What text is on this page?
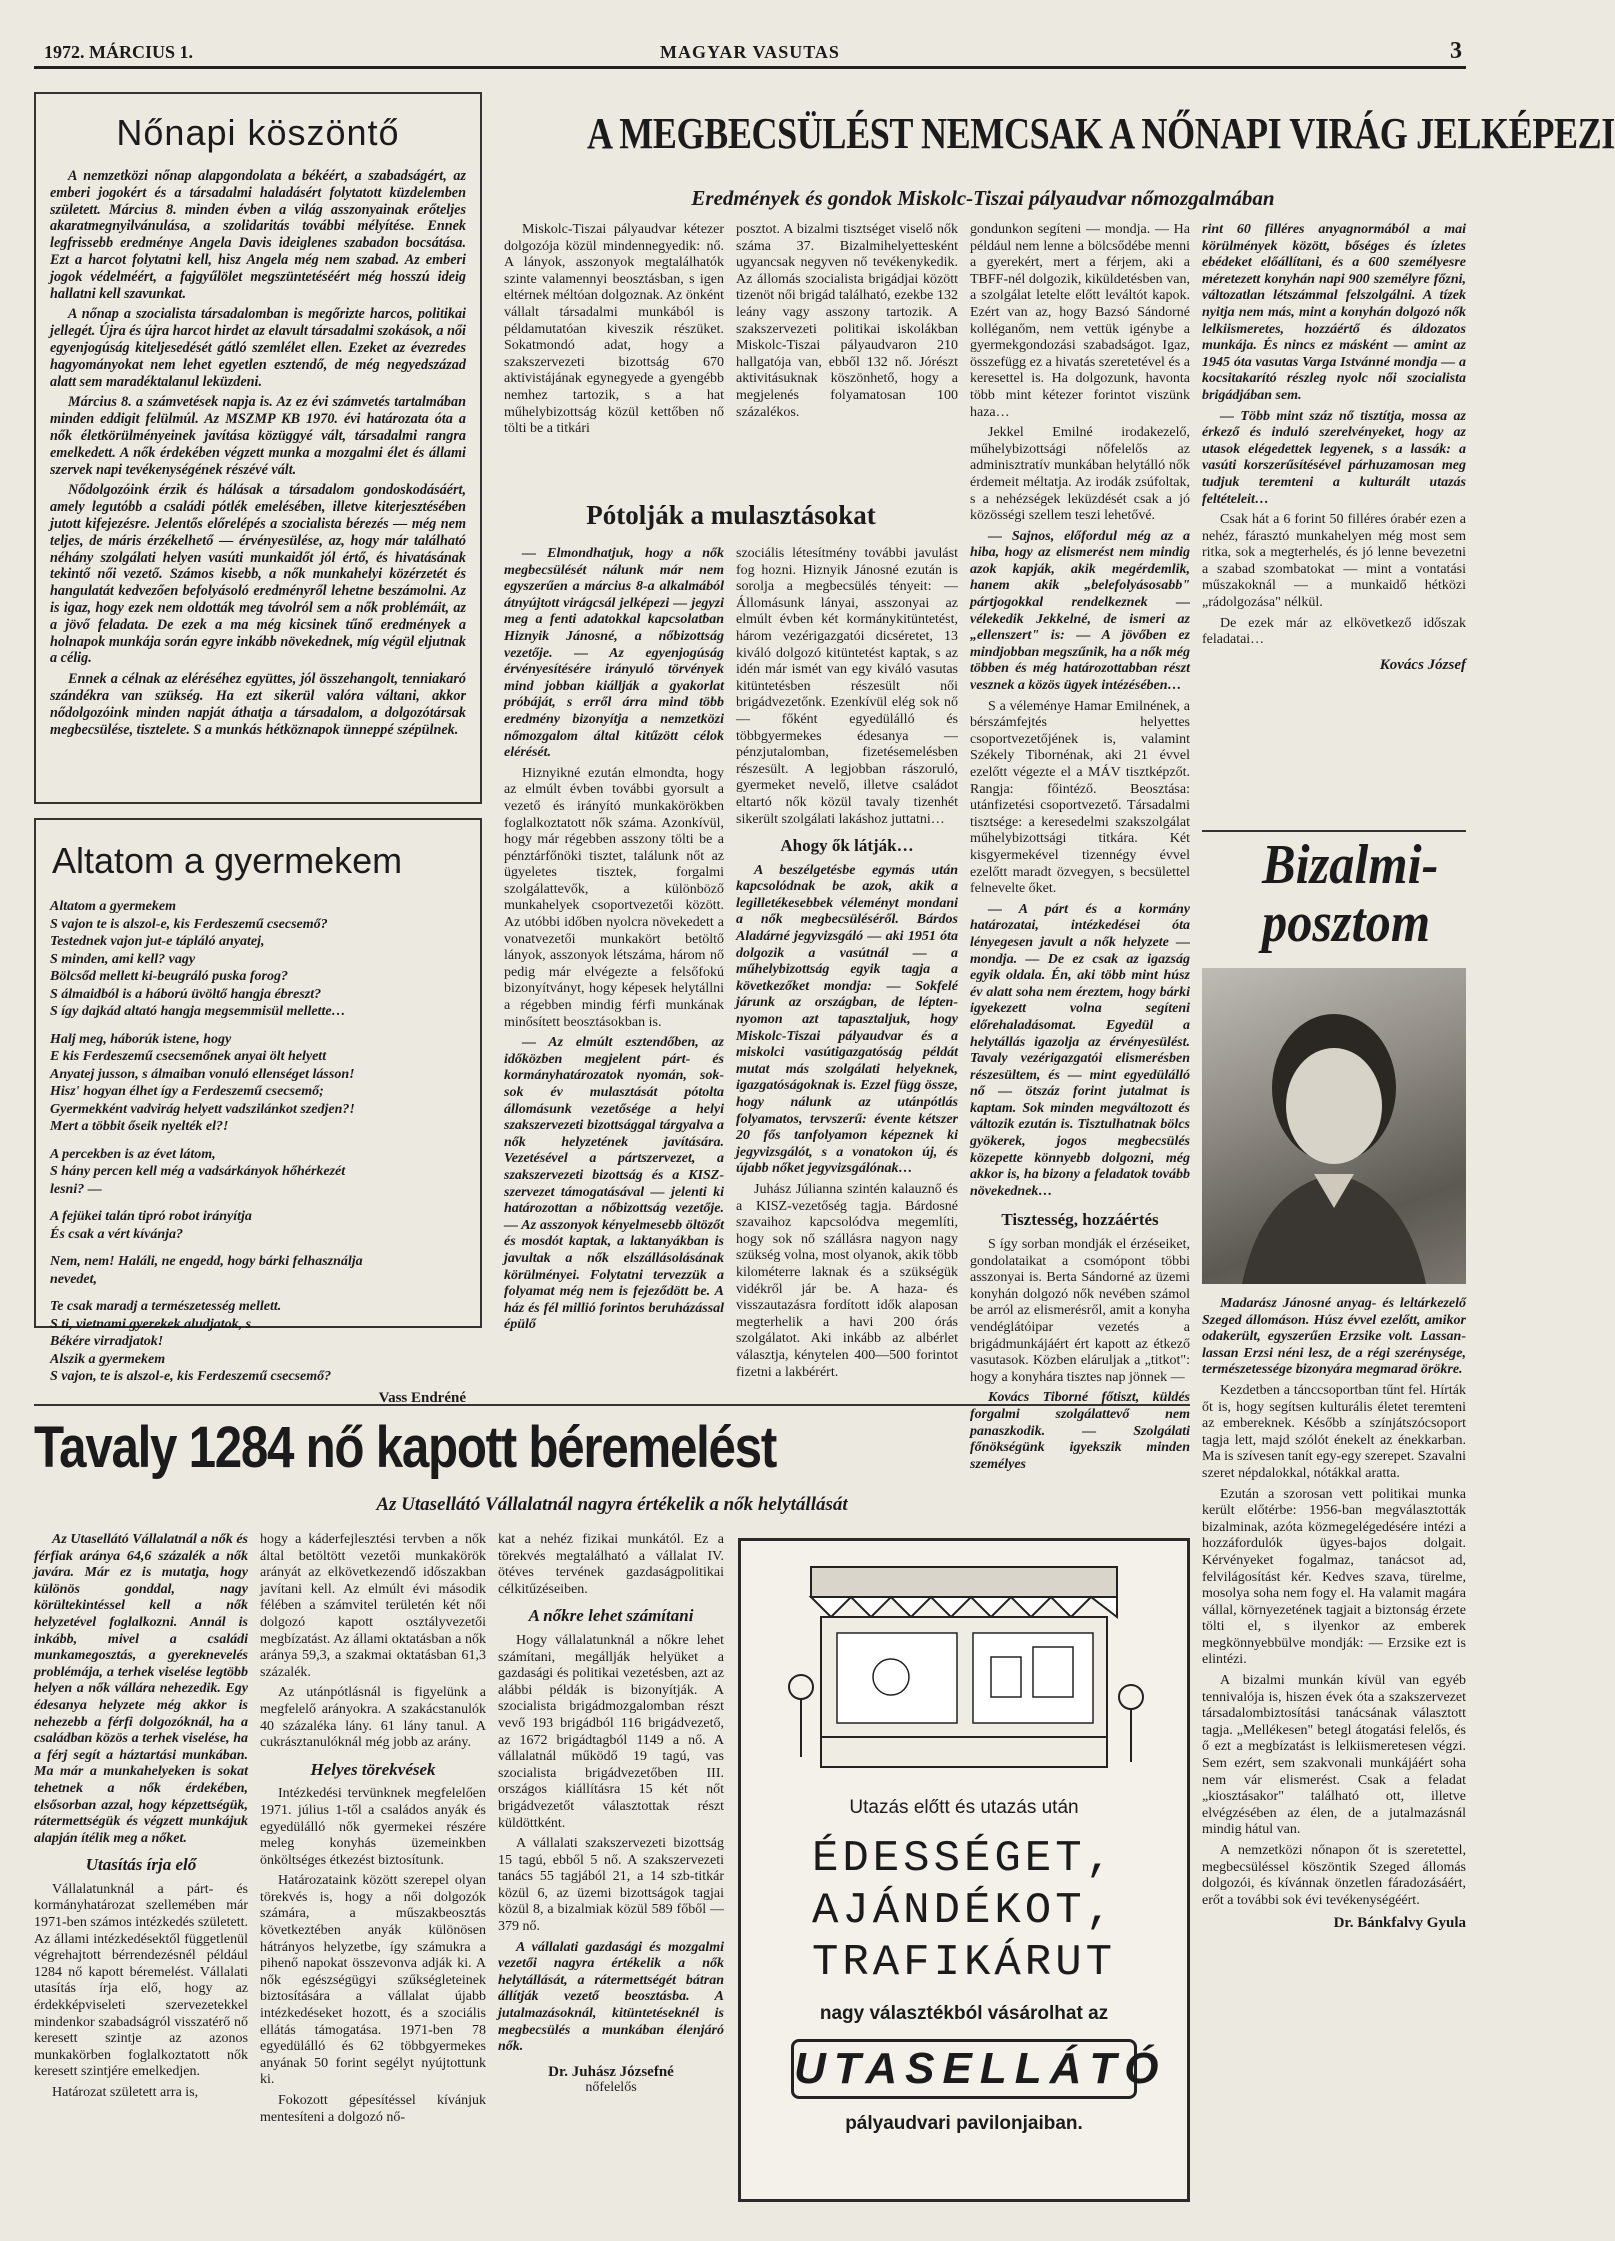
1972. MÁRCIUS 1.	MAGYAR VASUTAS	3
Nőnapi köszöntő

A nemzetközi nőnap alapgondolata a békéért, a szabadságért, az emberi jogokért és a társadalmi haladásért folytatott küzdelemben született. Március 8. minden évben a világ asszonyainak erőteljes akaratmegnyilvánulása, a szolidaritás további mélyítése. Ennek legfrissebb eredménye Angela Davis ideiglenes szabadon bocsátása. Ezt a harcot folytatni kell, hisz Angela még nem szabad. Az emberi jogok védelméért, a fajgyűlölet megszüntetéséért még hosszú ideig hallatni kell szavunkat.

A nőnap a szocialista társadalomban is megőrizte harcos, politikai jellegét. Újra és újra harcot hirdet az elavult társadalmi szokások, a női egyenjogúság kiteljesedését gátló szemlélet ellen. Ezeket az évezredes hagyományokat nem lehet egyetlen esztendő, de még negyedszázad alatt sem maradéktalanul leküzdeni.

Március 8. a számvetések napja is. Az ez évi számvetés tartalmában minden eddigit felülmúl. Az MSZMP KB 1970. évi határozata óta a nők életkörülményeinek javítása közüggyé vált, társadalmi rangra emelkedett. A nők érdekében végzett munka a mozgalmi élet és állami szervek napi tevékenységének részévé vált.

Nődolgozóink érzik és hálásak a társadalom gondoskodásáért, amely legutóbb a családi pótlék emelésében, illetve kiterjesztésében jutott kifejezésre. Jelentős előrelépés a szocialista bérezés — még nem teljes, de máris érzékelhető — érvényesülése, az, hogy már található néhány szolgálati helyen vasúti munkaidőt jól értő, és hivatásának tekintő női vezető. Számos kisebb, a nők munkahelyi közérzetét és hangulatát kedvezően befolyásoló eredményről lehetne beszámolni. Az is igaz, hogy ezek nem oldották meg távolról sem a nők problémáit, az a jövő feladata. De ezek a ma még kicsinek tűnő eredmények a holnapok munkája során egyre inkább növekednek, míg végül eljutnak a célig.

Ennek a célnak az eléréséhez együttes, jól összehangolt, tenniakaró szándékra van szükség. Ha ezt sikerül valóra váltani, akkor nődolgozóink minden napját áthatja a társadalom, a dolgozótársak megbecsülése, tisztelete. S a munkás hétköznapok ünneppé szépülnek.

Altatom a gyermekem

Altatom a gyermekem
S vajon te is alszol-e, kis Ferdeszemű csecsemő?
Testednek vajon jut-e tápláló anyatej,
S minden, ami kell? vagy
Bölcsőd mellett ki-beugráló puska forog?
S álmaidból is a háború üvöltő hangja ébreszt?
S így dajkád altató hangja megsemmisül mellette…

Halj meg, háborúk istene, hogy
E kis Ferdeszemű csecsemőnek anyai ölt helyett
Anyatej jusson, s álmaiban vonuló ellenséget lásson!
Hisz' hogyan élhet így a Ferdeszemű csecsemő;
Gyermekként vadvirág helyett vadszilánkot szedjen?!
Mert a többit őseik nyelték el?!

A percekben is az évet látom,
S hány percen kell még a vadsárkányok hőhérkezét
lesni? —

A fejükei talán tipró robot irányítja
És csak a vért kívánja?

Nem, nem! Haláli, ne engedd, hogy bárki felhasználja
nevedet,

Te csak maradj a természetesség mellett.
S ti, vietnami gyerekek aludjatok, s
Békére virradjatok!
Alszik a gyermekem
S vajon, te is alszol-e, kis Ferdeszemű csecsemő?

Vass Endréné
A MEGBECSÜLÉST NEMCSAK A NŐNAPI VIRÁG JELKÉPEZI
Eredmények és gondok Miskolc-Tiszai pályaudvar nőmozgalmában

Miskolc-Tiszai pályaudvar kétezer dolgozója közül mindennegyedik: nő. A lányok, asszonyok megtalálhatók szinte valamennyi beosztásban, s igen eltérnek méltóan dolgoznak. Az önként vállalt társadalmi munkából is példamutatóan kiveszik részüket. Sokatmondó adat, hogy a szakszervezeti bizottság 670 aktivistájának egynegyede a gyengébb nemhez tartozik, s a hat műhelybizottság közül kettőben nő tölti be a titkári

posztot. A bizalmi tisztséget viselő nők száma 37. Bizalmihelyettesként ugyancsak negyven nő tevékenykedik. Az állomás szocialista brigádjai között tizenöt női brigád található, ezekbe 132 leány vagy asszony tartozik. A szakszervezeti politikai iskolákban Miskolc-Tiszai pályaudvaron 210 hallgatója van, ebből 132 nő. Jórészt aktivitásuknak köszönhető, hogy a megjelenés folyamatosan 100 százalékos.

Pótolják a mulasztásokat

— Elmondhatjuk, hogy a nők megbecsülését nálunk már nem egyszerűen a március 8-a alkalmából átnyújtott virágcsál jelképezi — jegyzi meg a fenti adatokkal kapcsolatban Hiznyik Jánosné, a nőbizottság vezetője. — Az egyenjogúság érvényesítésére irányuló törvények mind jobban kiállják a gyakorlat próbáját, s erről árra mind több eredmény bizonyítja a nemzetközi nőmozgalom által kitűzött célok elérését.

Hiznyikné ezután elmondta, hogy az elmúlt évben további gyorsult a vezető és irányító munkakörökben foglalkoztatott nők száma. Azonkívül, hogy már régebben asszony tölti be a pénztárfőnöki tisztet, találunk nőt az ügyeletes tisztek, forgalmi szolgálattevők, a különböző munkahelyek csoportvezetői között. Az utóbbi időben nyolcra növekedett a vonatvezetői munkakört betöltő lányok, asszonyok létszáma, három nő pedig már elvégezte a felsőfokú bizonyítványt, hogy képesek helytállni a régebben mindig férfi munkának minősített beosztásokban is.

— Az elmúlt esztendőben, az időközben megjelent párt- és kormányhatározatok nyomán, sok-sok év mulasztását pótolta állomásunk vezetősége a helyi szakszervezeti bizottsággal tárgyalva a nők helyzetének javítására. Vezetésével a pártszervezet, a szakszervezeti bizottság és a KISZ-szervezet támogatásával — jelenti ki határozottan a nőbizottság vezetője. — Az asszonyok kényelmesebb öltözőt és mosdót kaptak, a laktanyákban is javultak a nők elszállásolásának körülményei. Folytatni tervezzük a folyamat még nem is fejeződött be. A ház és fél millió forintos beruházással épülő

szociális létesítmény további javulást fog hozni. Hiznyik Jánosné ezután is sorolja a megbecsülés tényeit: — Állomásunk lányai, asszonyai az elmúlt évben két kormánykitüntetést, három vezérigazgatói dicséretet, 13 kiváló dolgozó kitüntetést kaptak, s az idén már ismét van egy kiváló vasutas kitüntetésben részesült női brigádvezetőnk. Ezenkívül elég sok nő — főként egyedülálló és többgyermekes édesanya — pénzjutalomban, fizetésemelésben részesült. A legjobban rászoruló, gyermeket nevelő, illetve családot eltartó nők közül tavaly tizenhét sikerült szolgálati lakáshoz juttatni…

Ahogy ők látják…

A beszélgetésbe egymás után kapcsolódnak be azok, akik a legilletékesebbek véleményt mondani a nők megbecsüléséről. Bárdos Aladárné jegyvizsgáló — aki 1951 óta dolgozik a vasútnál — a műhelybizottság egyik tagja a következőket mondja: — Sokfelé járunk az országban, de lépten-nyomon azt tapasztaljuk, hogy Miskolc-Tiszai pályaudvar és a miskolci vasútigazgatóság példát mutat más szolgálati helyeknek, igazgatóságoknak is. Ezzel függ össze, hogy nálunk az utánpótlás folyamatos, tervszerű: évente kétszer 20 fős tanfolyamon képeznek ki jegyvizsgálót, s a vonatokon új, és újabb nőket jegyvizsgálónak…

Juhász Júlianna szintén kalauznő és a KISZ-vezetőség tagja. Bárdosné szavaihoz kapcsolódva megemlíti, hogy sok nő szállásra nagyon nagy szükség volna, most olyanok, akik több kilométerre laknak és a szükségük vidékről jár be. A haza- és visszautazásra fordított idők alaposan megterhelik a havi 200 órás szolgálatot. Aki inkább az albérlet választja, kénytelen 400—500 forintot fizetni a lakbérért.

gondunkon segíteni — mondja. — Ha például nem lenne a bölcsődébe menni a gyerekért, mert a férjem, aki a TBFF-nél dolgozik, kiküldetésben van, a szolgálat letelte előtt leváltót kapok. Ezért van az, hogy Bazsó Sándorné kolléganőm, nem vettük igénybe a gyermekgondozási szabadságot. Igaz, összefügg ez a hivatás szeretetével és a keresettel is. Ha dolgozunk, havonta több mint kétezer forintot viszünk haza…

Jekkel Emilné irodakezelő, műhelybizottsági nőfelelős az adminisztratív munkában helytálló nők érdemeit méltatja. Az irodák zsúfoltak, s a nehézségek leküzdését csak a jó közösségi szellem teszi lehetővé.

— Sajnos, előfordul még az a hiba, hogy az elismerést nem mindig azok kapják, akik megérdemlik, hanem akik „belefolyásosabb" pártjogokkal rendelkeznek — vélekedik Jekkelné, de ismeri az „ellenszert" is: — A jövőben ez mindjobban megszűnik, ha a nők még többen és még határozottabban részt vesznek a közös ügyek intézésében…

S a véleménye Hamar Emilnének, a bérszámfejtés helyettes csoportvezetőjének is, valamint Székely Tibornénak, aki 21 évvel ezelőtt végezte el a MÁV tisztképzőt. Rangja: főintéző. Beosztása: utánfizetési csoportvezető. Társadalmi tisztsége: a keresedelmi szakszolgálat műhelybizottsági titkára. Két kisgyermekével tizennégy évvel ezelőtt maradt özvegyen, s becsülettel felnevelte őket.

— A párt és a kormány határozatai, intézkedései óta lényegesen javult a nők helyzete — mondja. — De ez csak az igazság egyik oldala. Én, aki több mint húsz év alatt soha nem éreztem, hogy bárki igyekezett volna segíteni előrehaladásomat. Egyedül a helytállás igazolja az érvényesülést. Tavaly vezérigazgatói elismerésben részesültem, és — mint egyedülálló nő — ötszáz forint jutalmat is kaptam. Sok minden megváltozott és változik ezután is. Tisztulhatnak bölcs gyökerek, jogos megbecsülés közepette könnyebb dolgozni, még akkor is, ha bizony a feladatok tovább növekednek…

Tisztesség, hozzáértés

S így sorban mondják el érzéseiket, gondolataikat a csomópont többi asszonyai is. Berta Sándorné az üzemi konyhán dolgozó nők nevében számol be arról az elismerésről, amit a konyha vendéglátóipar vezetés a brigádmunkájáért ért kapott az étkező vasutasok. Közben eláruljak a „titkot": hogy a konyhára tisztes nap jönnek —

Kovács Tiborné főtiszt, küldés forgalmi szolgálattevő nem panaszkodik. — Szolgálati főnökségünk igyekszik minden személyes

rint 60 filléres anyagnormából a mai körülmények között, bőséges és ízletes ebédeket előállítani, és a 600 személyesre méretezett konyhán napi 900 személyre főzni, változatlan létszámmal felszolgálni. A tízek nyitja nem más, mint a konyhán dolgozó nők lelkiismeretes, hozzáértő és áldozatos munkája. És nincs ez másként — amint az 1945 óta vasutas Varga Istvánné mondja — a kocsitakarító részleg nyolc női szocialista brigádjában sem.

— Több mint száz nő tisztítja, mossa az érkező és induló szerelvényeket, hogy az utasok elégedettek legyenek, s a lassák: a vasúti korszerűsítésével párhuzamosan meg tudjuk teremteni a kulturált utazás feltételeit…

Csak hát a 6 forint 50 filléres órabér ezen a nehéz, fárasztó munkahelyen még most sem ritka, sok a megterhelés, és jó lenne bevezetni a szabad szombatokat — mint a vontatási műszakoknál — a munkaidő hétközi „rádolgozása" nélkül.

De ezek már az elkövetkező időszak feladatai…

Kovács József
Bizalmi-posztom

Madarász Jánosné anyag- és leltárkezelő Szeged állomáson. Húsz évvel ezelőtt, amikor odakerült, egyszerűen Erzsike volt. Lassan-lassan Erzsi néni lesz, de a régi szerénysége, természetessége bizonyára megmarad örökre.

Kezdetben a tánccsoportban tűnt fel. Hírták őt is, hogy segítsen kulturális életet teremteni az embereknek. Később a színjátszócsoport tagja lett, majd szólót énekelt az énekkarban. Ma is szívesen tanít egy-egy szerepet. Szavalni szeret népdalokkal, nótákkal aratta.

Ezután a szorosan vett politikai munka került előtérbe: 1956-ban megválasztották bizalminak, azóta közmegelégedésére intézi a hozzáfordulók ügyes-bajos dolgait. Kérvényeket fogalmaz, tanácsot ad, felvilágosítást kér. Kedves szava, türelme, mosolya soha nem fogy el. Ha valamit magára vállal, környezetének tagjait a biztonság érzete tölti el, s ilyenkor az emberek megkönnyebbülve mondják: — Erzsike ezt is elintézi.

A bizalmi munkán kívül van egyéb tennivalója is, hiszen évek óta a szakszervezet társadalombiztosítási tanácsának választott tagja. „Mellékesen" betegl átogatási felelős, és ő ezt a megbízatást is lelkiismeretesen végzi. Sem ezért, sem szakvonali munkájáért soha nem vár elismerést. Csak a feladat „kiosztásakor" található ott, illetve elvégzésében az élen, de a jutalmazásnál mindig hátul van.

A nemzetközi nőnapon őt is szeretettel, megbecsüléssel köszöntik Szeged állomás dolgozói, és kívánnak önzetlen fáradozásáért, erőt a további sok évi tevékenységéért.

Dr. Bánkfalvy Gyula
Tavaly 1284 nő kapott béremelést
Az Utasellátó Vállalatnál nagyra értékelik a nők helytállását

Az Utasellátó Vállalatnál a nők és férfiak aránya 64,6 százalék a nők javára. Már ez is mutatja, hogy különös gonddal, nagy körültekintéssel kell a nők helyzetével foglalkozni. Annál is inkább, mivel a családi munkamegosztás, a gyereknevelés problémája, a terhek viselése legtöbb helyen a nők vállára nehezedik. Egy édesanya helyzete még akkor is nehezebb a férfi dolgozóknál, ha a családban közös a terhek viselése, ha a férj segít a háztartási munkában. Ma már a munkahelyeken is sokat tehetnek a nők érdekében, elsősorban azzal, hogy képzettségük, rátermettségük és végzett munkájuk alapján ítélik meg a nőket.

Utasítás írja elő

Vállalatunknál a párt- és kormányhatározat szellemében már 1971-ben számos intézkedés született. Az állami intézkedésektől függetlenül végrehajtott bérrendezésnél például 1284 nő kapott béremelést. Vállalati utasítás írja elő, hogy az érdekképviseleti szervezetekkel mindenkor szabadságról visszatérő nő keresett szintje az azonos munkakörben foglalkoztatott nők keresett szintjére emelkedjen.

Határozat született arra is,

hogy a káderfejlesztési tervben a nők által betöltött vezetői munkakörök arányát az elkövetkezendő időszakban javítani kell. Az elmúlt évi második félében a számvitel területén két női dolgozó kapott osztályvezetői megbízatást. Az állami oktatásban a nők aránya 59,3, a szakmai oktatásban 61,3 százalék.

Az utánpótlásnál is figyelünk a megfelelő arányokra. A szakácstanulók 40 százaléka lány. 61 lány tanul. A cukrásztanulóknál még jobb az arány.

Helyes törekvések

Intézkedési tervünknek megfelelően 1971. július 1-től a családos anyák és egyedülálló nők gyermekei részére meleg konyhás üzemeinkben önköltséges étkezést biztosítunk.

Határozataink között szerepel olyan törekvés is, hogy a női dolgozók számára, a műszakbeosztás következtében anyák különösen hátrányos helyzetbe, így számukra a pihenő napokat összevonva adják ki. A nők egészségügyi szűkségleteinek biztosítására a vállalat újabb intézkedéseket hozott, és a szociális ellátás támogatása. 1971-ben 78 egyedülálló és 62 többgyermekes anyának 50 forint segélyt nyújtottunk ki.

Fokozott gépesítéssel kívánjuk mentesíteni a dolgozó nő-

kat a nehéz fizikai munkától. Ez a törekvés megtalálható a vállalat IV. ötéves tervének gazdaságpolitikai célkitűzéseiben.

A nőkre lehet számítani

Hogy vállalatunknál a nőkre lehet számítani, megállják helyüket a gazdasági és politikai vezetésben, azt az alábbi példák is bizonyítják. A szocialista brigádmozgalomban részt vevő 193 brigádból 116 brigádvezető, az 1672 brigádtagból 1149 a nő. A vállalatnál működő 19 tagú, vas szocialista brigádvezetőben III. országos kiállításra 15 két nőt brigádvezetőt választottak részt küldöttként.

A vállalati szakszervezeti bizottság 15 tagú, ebből 5 nő. A szakszervezeti tanács 55 tagjából 21, a 14 szb-titkár közül 6, az üzemi bizottságok tagjai közül 8, a bizalmiak közül 589 főből — 379 nő.

A vállalati gazdasági és mozgalmi vezetői nagyra értékelik a nők helytállását, a rátermettségét bátran állítják vezető beosztásba. A jutalmazásoknál, kitüntetéseknél is megbecsülés a munkában élenjáró nők.

Dr. Juhász Józsefné
nőfelelős
Utazás előtt és utazás után
ÉDESSÉGET,
AJÁNDÉKOT,
TRAFIKÁRUT
nagy választékból vásárolhat az
UTASELLÁTÓ
pályaudvari pavilonjaiban.
